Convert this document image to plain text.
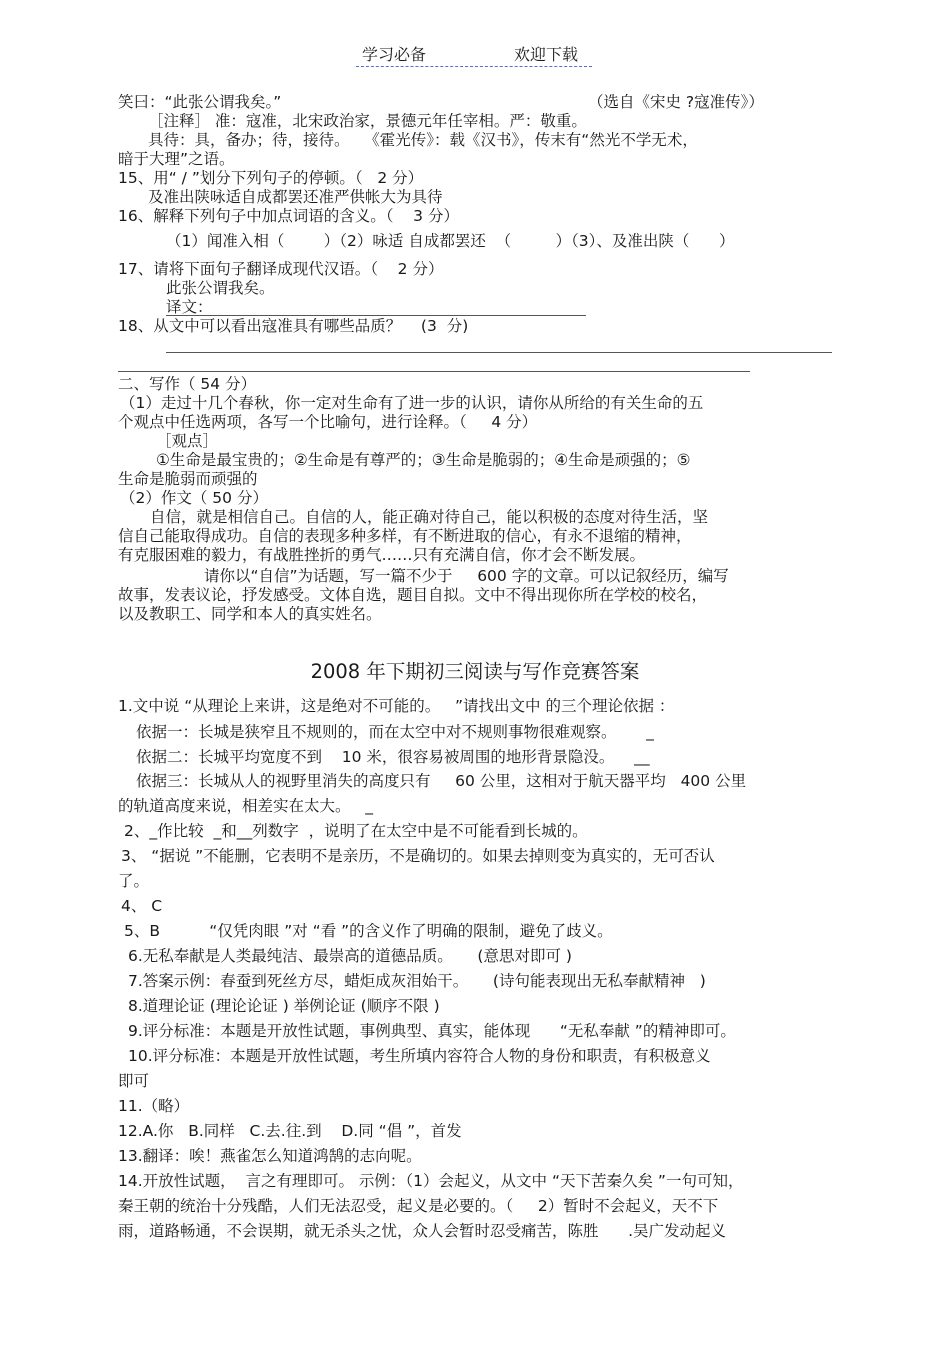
学习必备	欢迎下载
笑曰：“此张公谓我矣。”	（选自《宋史 ?寇准传》）
［注释］ 准：寇准，北宋政治家，景德元年任宰相。严：敬重。
具待：具，备办；待，接待。   《霍光传》：载《汉书》，传末有“然光不学无术，
暗于大理”之语。
15、用“ / ”划分下列句子的停顿。（   2 分）
及准出陕咏适自成都罢还准严供帐大为具待
16、解释下列句子中加点词语的含义。（    3 分）
（1）闻准入相（        ）（2）咏适 自成都罢还  （         ）（3）、及准出陕（      ）
17、请将下面句子翻译成现代汉语。（    2 分）
此张公谓我矣。
译文：
18、从文中可以看出寇准具有哪些品质？    (3  分)
二、写作（ 54 分）
（1）走过十几个春秋，你一定对生命有了进一步的认识，请你从所给的有关生命的五
个观点中任选两项，各写一个比喻句，进行诠释。（     4 分）
［观点］
①生命是最宝贵的；②生命是有尊严的；③生命是脆弱的；④生命是顽强的；⑤
生命是脆弱而顽强的
（2）作文（ 50 分）
自信，就是相信自己。自信的人，能正确对待自己，能以积极的态度对待生活，坚
信自己能取得成功。自信的表现多种多样，有不断进取的信心，有永不退缩的精神，
有克服困难的毅力，有战胜挫折的勇气……只有充满自信，你才会不断发展。
请你以“自信”为话题，写一篇不少于     600 字的文章。可以记叙经历，编写
故事，发表议论，抒发感受。文体自选，题目自拟。文中不得出现你所在学校的校名，
以及教职工、同学和本人的真实姓名。
1.文中说 “从理论上来讲，这是绝对不可能的。   ”请找出文中 的三个理论依据 ：
依据一：长城是狭窄且不规则的，而在太空中对不规则事物很难观察。      _
依据二：长城平均宽度不到    10 米，很容易被周围的地形背景隐没。    __
依据三：长城从人的视野里消失的高度只有     60 公里，这相对于航天器平均   400 公里
的轨道高度来说，相差实在太大。   _
2、_作比较  _和__列数字  ，说明了在太空中是不可能看到长城的。
3、 “据说 ”不能删，它表明不是亲历，不是确切的。如果去掉则变为真实的，无可否认
了。
4、 C
5、B          “仅凭肉眼 ”对 “看 ”的含义作了明确的限制，避免了歧义。
6.无私奉献是人类最纯洁、最崇高的道德品质。     (意思对即可 )
7.答案示例：春蚕到死丝方尽，蜡炬成灰泪始干。     (诗句能表现出无私奉献精神   )
8.道理论证 (理论论证 ) 举例论证 (顺序不限 )
9.评分标准：本题是开放性试题，事例典型、真实，能体现      “无私奉献 ”的精神即可。
10.评分标准：本题是开放性试题，考生所填内容符合人物的身份和职责，有积极意义
即可
11.（略）
12.A.你   B.同样   C.去.往.到    D.同 “倡 ”，首发
13.翻译：唉！燕雀怎么知道鸿鹄的志向呢。
14.开放性试题，  言之有理即可。 示例：（1）会起义，从文中 “天下苦秦久矣 ”一句可知，
秦王朝的统治十分残酷，人们无法忍受，起义是必要的。（     2）暂时不会起义，天不下
雨，道路畅通，不会误期，就无杀头之忧，众人会暂时忍受痛苦，陈胜      .吴广发动起义
2008 年下期初三阅读与写作竞赛答案
